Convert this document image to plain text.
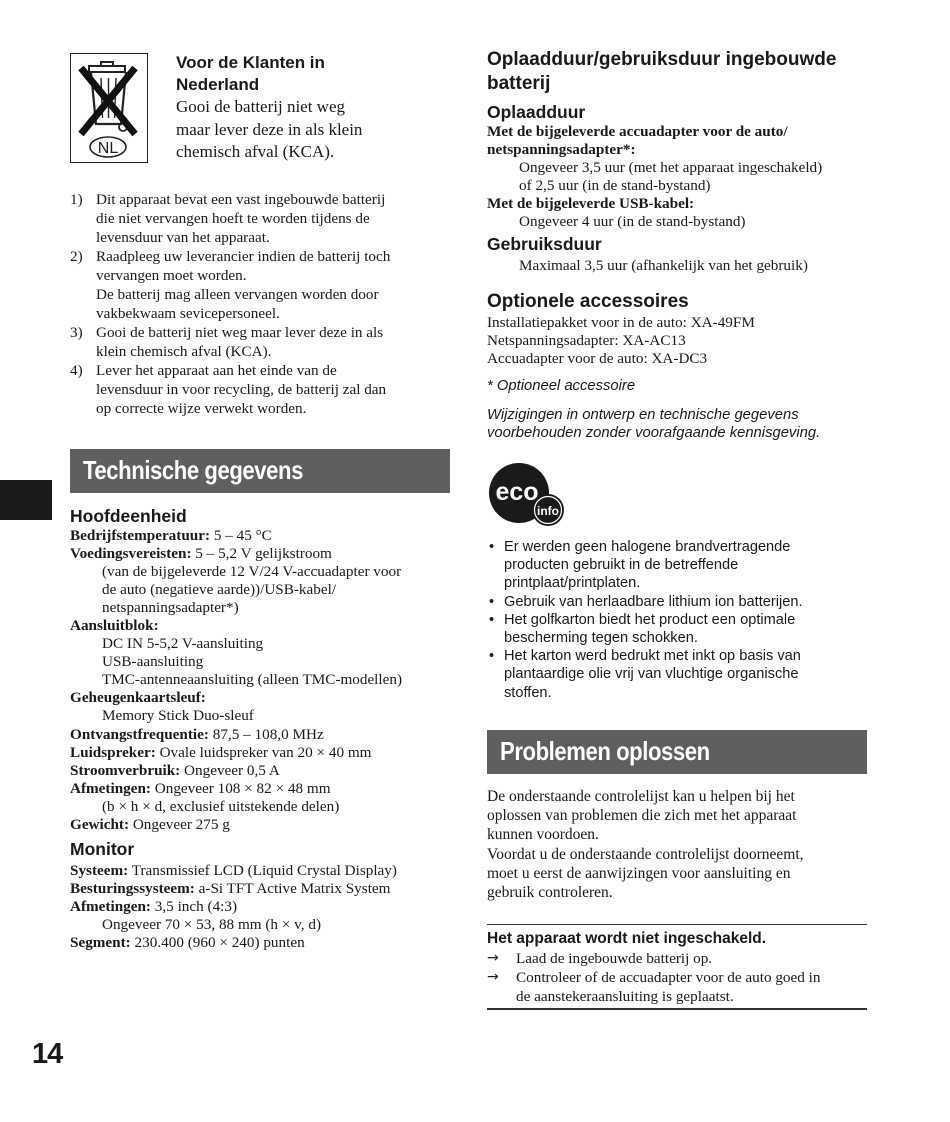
NL
Voor de Klanten in Nederland
Gooi de batterij niet weg
maar lever deze in als klein
chemisch afval (KCA).
1) Dit apparaat bevat een vast ingebouwde batterij
die niet vervangen hoeft te worden tijdens de
levensduur van het apparaat.
2) Raadpleeg uw leverancier indien de batterij toch
vervangen moet worden.
De batterij mag alleen vervangen worden door
vakbekwaam sevicepersoneel.
3) Gooi de batterij niet weg maar lever deze in als
klein chemisch afval (KCA).
4) Lever het apparaat aan het einde van de
levensduur in voor recycling, de batterij zal dan
op correcte wijze verwekt worden.
Technische gegevens
Hoofdeenheid
Bedrijfstemperatuur: 5 – 45 °C
Voedingsvereisten: 5 – 5,2 V gelijkstroom
(van de bijgeleverde 12 V/24 V-accuadapter voor
de auto (negatieve aarde))/USB-kabel/
netspanningsadapter*)
Aansluitblok:
DC IN 5-5,2 V-aansluiting
USB-aansluiting
TMC-antenneaansluiting (alleen TMC-modellen)
Geheugenkaartsleuf:
Memory Stick Duo-sleuf
Ontvangstfrequentie: 87,5 – 108,0 MHz
Luidspreker: Ovale luidspreker van 20 × 40 mm
Stroomverbruik: Ongeveer 0,5 A
Afmetingen: Ongeveer 108 × 82 × 48 mm
(b × h × d, exclusief uitstekende delen)
Gewicht: Ongeveer 275 g
Monitor
Systeem: Transmissief LCD (Liquid Crystal Display)
Besturingssysteem: a-Si TFT Active Matrix System
Afmetingen: 3,5 inch (4:3)
Ongeveer 70 × 53, 88 mm (h × v, d)
Segment: 230.400 (960 × 240) punten
Oplaadduur/gebruiksduur ingebouwde
batterij
Oplaadduur
Met de bijgeleverde accuadapter voor de auto/
netspanningsadapter*:
Ongeveer 3,5 uur (met het apparaat ingeschakeld)
of 2,5 uur (in de stand-bystand)
Met de bijgeleverde USB-kabel:
Ongeveer 4 uur (in de stand-bystand)
Gebruiksduur
Maximaal 3,5 uur (afhankelijk van het gebruik)
Optionele accessoires
Installatiepakket voor in de auto: XA-49FM
Netspanningsadapter: XA-AC13
Accuadapter voor de auto: XA-DC3
* Optioneel accessoire
Wijzigingen in ontwerp en technische gegevens
voorbehouden zonder voorafgaande kennisgeving.
eco
info
• Er werden geen halogene brandvertragende
producten gebruikt in de betreffende
printplaat/printplaten.
• Gebruik van herlaadbare lithium ion batterijen.
• Het golfkarton biedt het product een optimale
bescherming tegen schokken.
• Het karton werd bedrukt met inkt op basis van
plantaardige olie vrij van vluchtige organische
stoffen.
Problemen oplossen
De onderstaande controlelijst kan u helpen bij het
oplossen van problemen die zich met het apparaat
kunnen voordoen.
Voordat u de onderstaande controlelijst doorneemt,
moet u eerst de aanwijzingen voor aansluiting en
gebruik controleren.
Het apparaat wordt niet ingeschakeld.
→	Laad de ingebouwde batterij op.
→	Controleer of de accuadapter voor de auto goed in
de aanstekeraansluiting is geplaatst.
14
